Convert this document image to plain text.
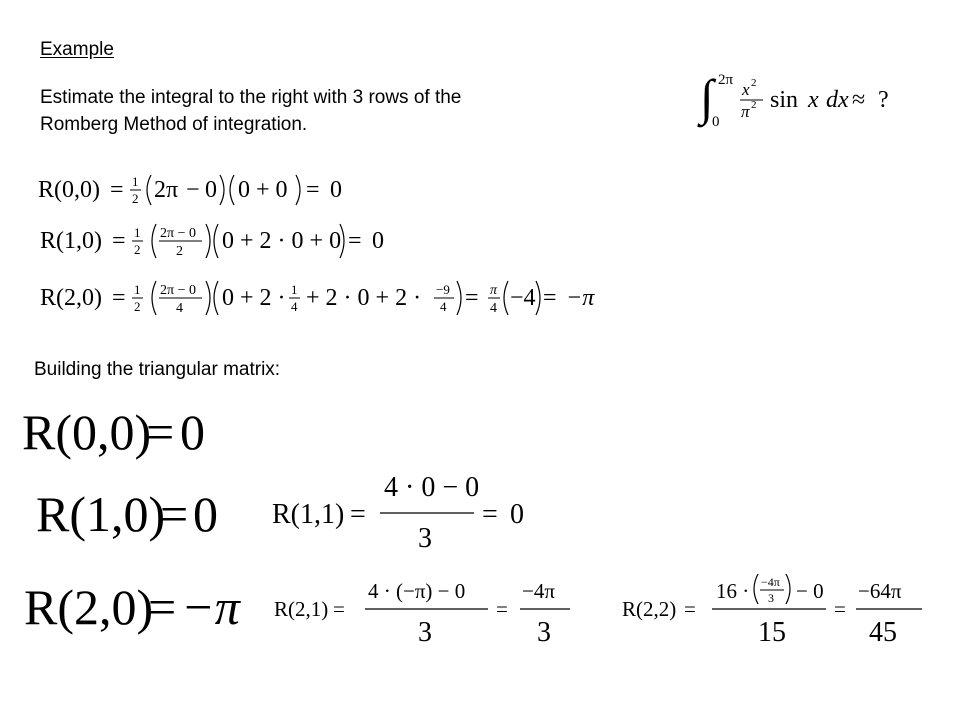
Example
Estimate the integral to the right with 3 rows of the
Romberg Method of integration.
Building the triangular matrix:
∫ 2π
0
x 2
π 2 sin x dx ≈ ?
R(0,0) = 1
2 2π − 0 0 + 0 = 0
R(1,0) = 1
2
2π − 0
2 0 + 2 · 0 + 0 = 0
R(2,0) = 1
2
2π − 0
4 0 + 2 · 1
4 + 2 · 0 + 2 · −9
4 = π
4 −4 = −π
R(0,0)
= 0
R(1,0)
= 0
R(2,0)
= −π
R(1,1) =
4 · 0 − 0
3
= 0
R(2,1) =
4 · (−π) − 0
3
=
−4π
3
R(2,2) =
16 · −4π
3 − 0
15
=
−64π
45
